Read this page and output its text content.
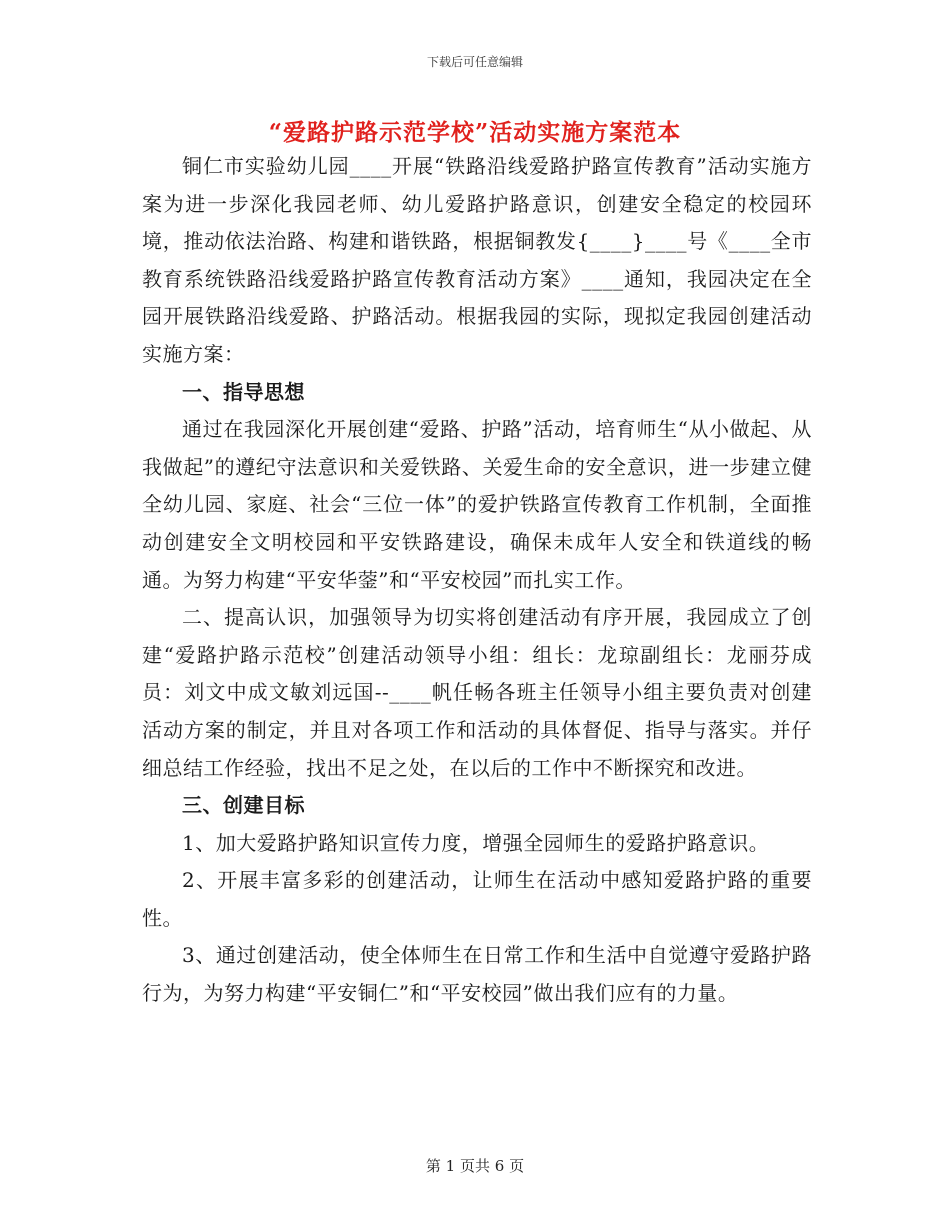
下载后可任意编辑
“爱路护路示范学校”活动实施方案范本

铜仁市实验幼儿园____开展“铁路沿线爱路护路宣传教育”活动实施方案为进一步深化我园老师、幼儿爱路护路意识，创建安全稳定的校园环境，推动依法治路、构建和谐铁路，根据铜教发{____}____号《____全市教育系统铁路沿线爱路护路宣传教育活动方案》____通知，我园决定在全园开展铁路沿线爱路、护路活动。根据我园的实际，现拟定我园创建活动实施方案：

一、指导思想

通过在我园深化开展创建“爱路、护路”活动，培育师生“从小做起、从我做起”的遵纪守法意识和关爱铁路、关爱生命的安全意识，进一步建立健全幼儿园、家庭、社会“三位一体”的爱护铁路宣传教育工作机制，全面推动创建安全文明校园和平安铁路建设，确保未成年人安全和铁道线的畅通。为努力构建“平安华蓥”和“平安校园”而扎实工作。

二、提高认识，加强领导为切实将创建活动有序开展，我园成立了创建“爱路护路示范校”创建活动领导小组：组长：龙琼副组长：龙丽芬成员：刘文中成文敏刘远国--____帆任畅各班主任领导小组主要负责对创建活动方案的制定，并且对各项工作和活动的具体督促、指导与落实。并仔细总结工作经验，找出不足之处，在以后的工作中不断探究和改进。

三、创建目标

1、加大爱路护路知识宣传力度，增强全园师生的爱路护路意识。

2、开展丰富多彩的创建活动，让师生在活动中感知爱路护路的重要性。

3、通过创建活动，使全体师生在日常工作和生活中自觉遵守爱路护路行为，为努力构建“平安铜仁”和“平安校园”做出我们应有的力量。

第 1 页共 6 页
